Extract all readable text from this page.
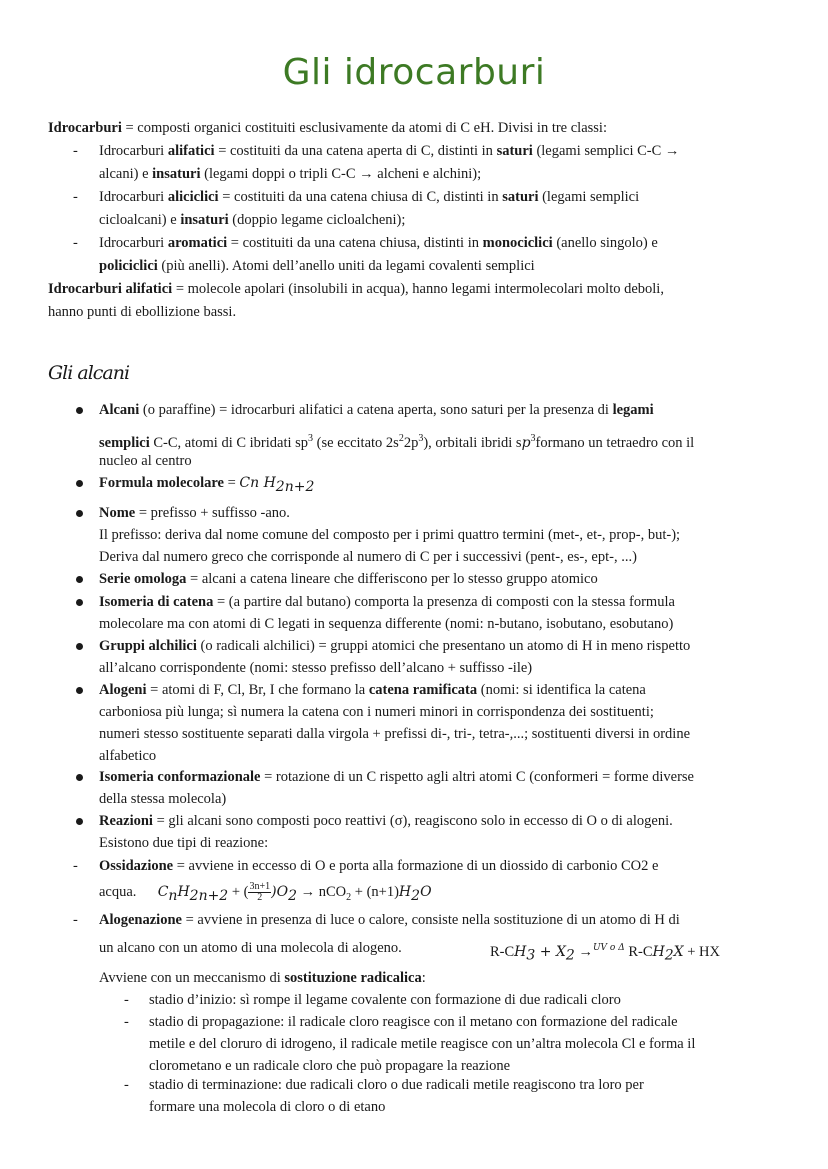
Gli idrocarburi
Idrocarburi = composti organici costituiti esclusivamente da atomi di C eH. Divisi in tre classi:
- Idrocarburi alifatici = costituiti da una catena aperta di C, distinti in saturi (legami semplici C-C →
alcani) e insaturi (legami doppi o tripli C-C → alcheni e alchini);
- Idrocarburi aliciclici = costituiti da una catena chiusa di C, distinti in saturi (legami semplici
cicloalcani) e insaturi (doppio legame cicloalcheni);
- Idrocarburi aromatici = costituiti da una catena chiusa, distinti in monociclici (anello singolo) e
policiclici (più anelli). Atomi dell’anello uniti da legami covalenti semplici
Idrocarburi alifatici = molecole apolari (insolubili in acqua), hanno legami intermolecolari molto deboli,
hanno punti di ebollizione bassi.
Gli alcani
Alcani (o paraffine) = idrocarburi alifatici a catena aperta, sono saturi per la presenza di legami
semplici C-C, atomi di C ibridati $sp^3$ (se eccitato $2s^22p^3$), orbitali ibridi $sp^3formano$ un tetraedro con il
nucleo al centro
Formula molecolare = Cn $H_{2n+2}$
Nome = prefisso + suffisso -ano.
Il prefisso: deriva dal nome comune del composto per i primi quattro termini (met-, et-, prop-, but-);
Deriva dal numero greco che corrisponde al numero di C per i successivi (pent-, es-, ept-, ...)
Serie omologa = alcani a catena lineare che differiscono per lo stesso gruppo atomico
Isomeria di catena = (a partire dal butano) comporta la presenza di composti con la stessa formula
molecolare ma con atomi di C legati in sequenza differente (nomi: n-butano, isobutano, esobutano)
Gruppi alchilici (o radicali alchilici) = gruppi atomici che presentano un atomo di H in meno rispetto
all’alcano corrispondente (nomi: stesso prefisso dell’alcano + suffisso -ile)
Alogeni = atomi di F, Cl, Br, I che formano la catena ramificata (nomi: si identifica la catena
carboniosa più lunga; sì numera la catena con i numeri minori in corrispondenza dei sostituenti;
numeri stesso sostituente separati dalla virgola + prefissi di-, tri-, tetra-,...; sostituenti diversi in ordine
alfabetico
Isomeria conformazionale = rotazione di un C rispetto agli altri atomi C (conformeri = forme diverse
della stessa molecola)
Reazioni = gli alcani sono composti poco reattivi (σ), reagiscono solo in eccesso di O o di alogeni.
Esistono due tipi di reazione:
- Ossidazione = avviene in eccesso di O e porta alla formazione di un diossido di carbonio CO2 e
acqua. $C_nH_{2n+2}$ + ( $\frac{3n+1}{2} )O_2 \to nCO_2 + (n+1)H_2O$
- Alogenazione = avviene in presenza di luce o calore, consiste nella sostituzione di un atomo di H di
un alcano con un atomo di una molecola di alogeno.	$R-CH_3 + X_2 \to^{UV o \Delta}$ $R-CH_2X$ + HX
Avviene con un meccanismo di sostituzione radicalica:
- stadio d’inizio: sì rompe il legame covalente con formazione di due radicali cloro
- stadio di propagazione: il radicale cloro reagisce con il metano con formazione del radicale
metile e del cloruro di idrogeno, il radicale metile reagisce con un’altra molecola Cl e forma il
clorometano e un radicale cloro che può propagare la reazione
- stadio di terminazione: due radicali cloro o due radicali metile reagiscono tra loro per
formare una molecola di cloro o di etano
